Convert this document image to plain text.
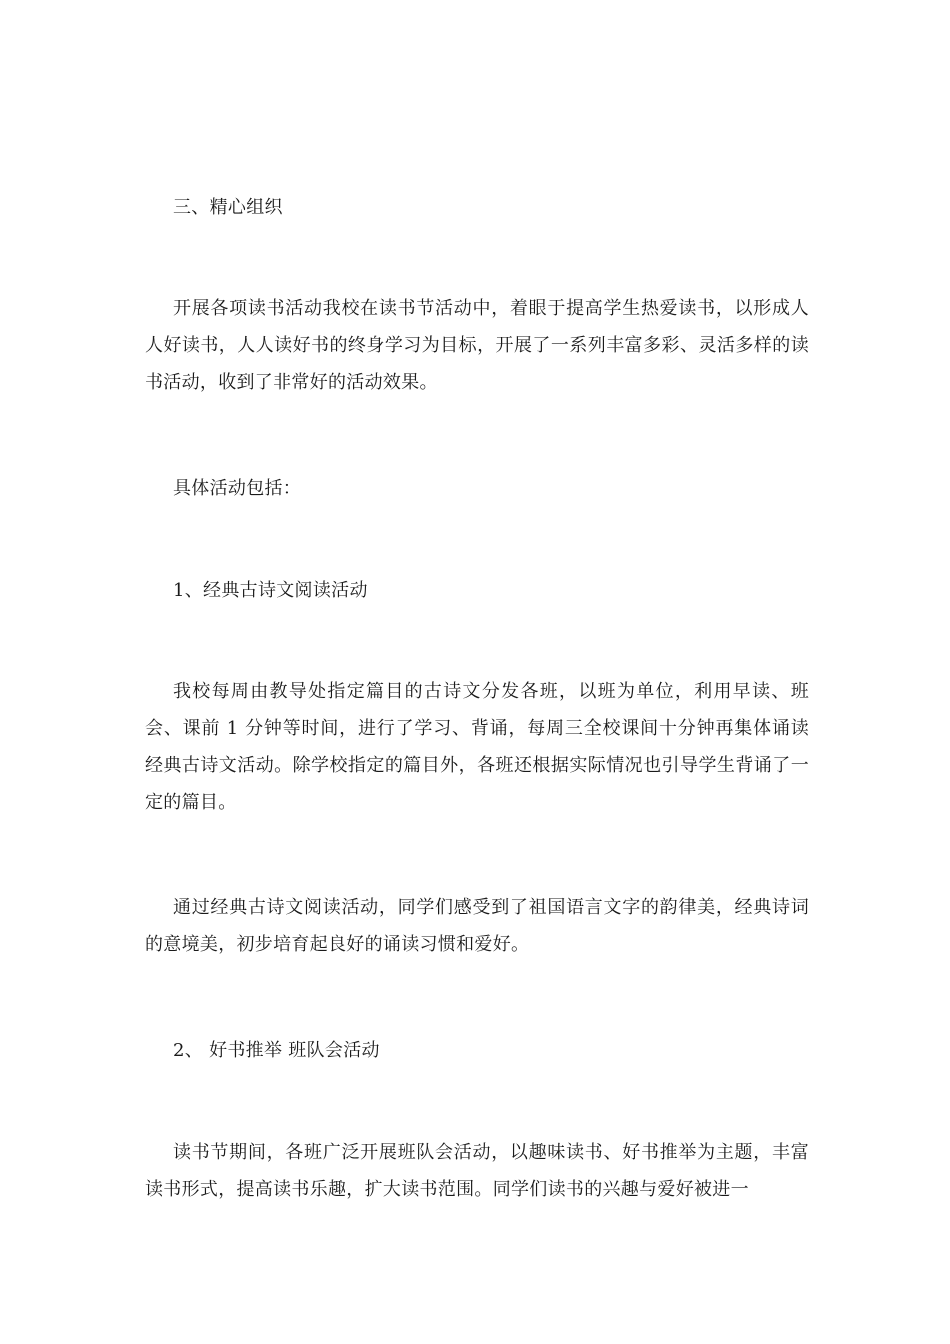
三、精心组织

开展各项读书活动我校在读书节活动中，着眼于提高学生热爱读书，以形成人人好读书，人人读好书的终身学习为目标，开展了一系列丰富多彩、灵活多样的读书活动，收到了非常好的活动效果。

具体活动包括：

1、经典古诗文阅读活动

我校每周由教导处指定篇目的古诗文分发各班，以班为单位，利用早读、班会、课前 1 分钟等时间，进行了学习、背诵，每周三全校课间十分钟再集体诵读经典古诗文活动。除学校指定的篇目外，各班还根据实际情况也引导学生背诵了一定的篇目。

通过经典古诗文阅读活动，同学们感受到了祖国语言文字的韵律美，经典诗词的意境美，初步培育起良好的诵读习惯和爱好。

2、 好书推举 班队会活动

读书节期间，各班广泛开展班队会活动，以趣味读书、好书推举为主题，丰富读书形式，提高读书乐趣，扩大读书范围。同学们读书的兴趣与爱好被进一
